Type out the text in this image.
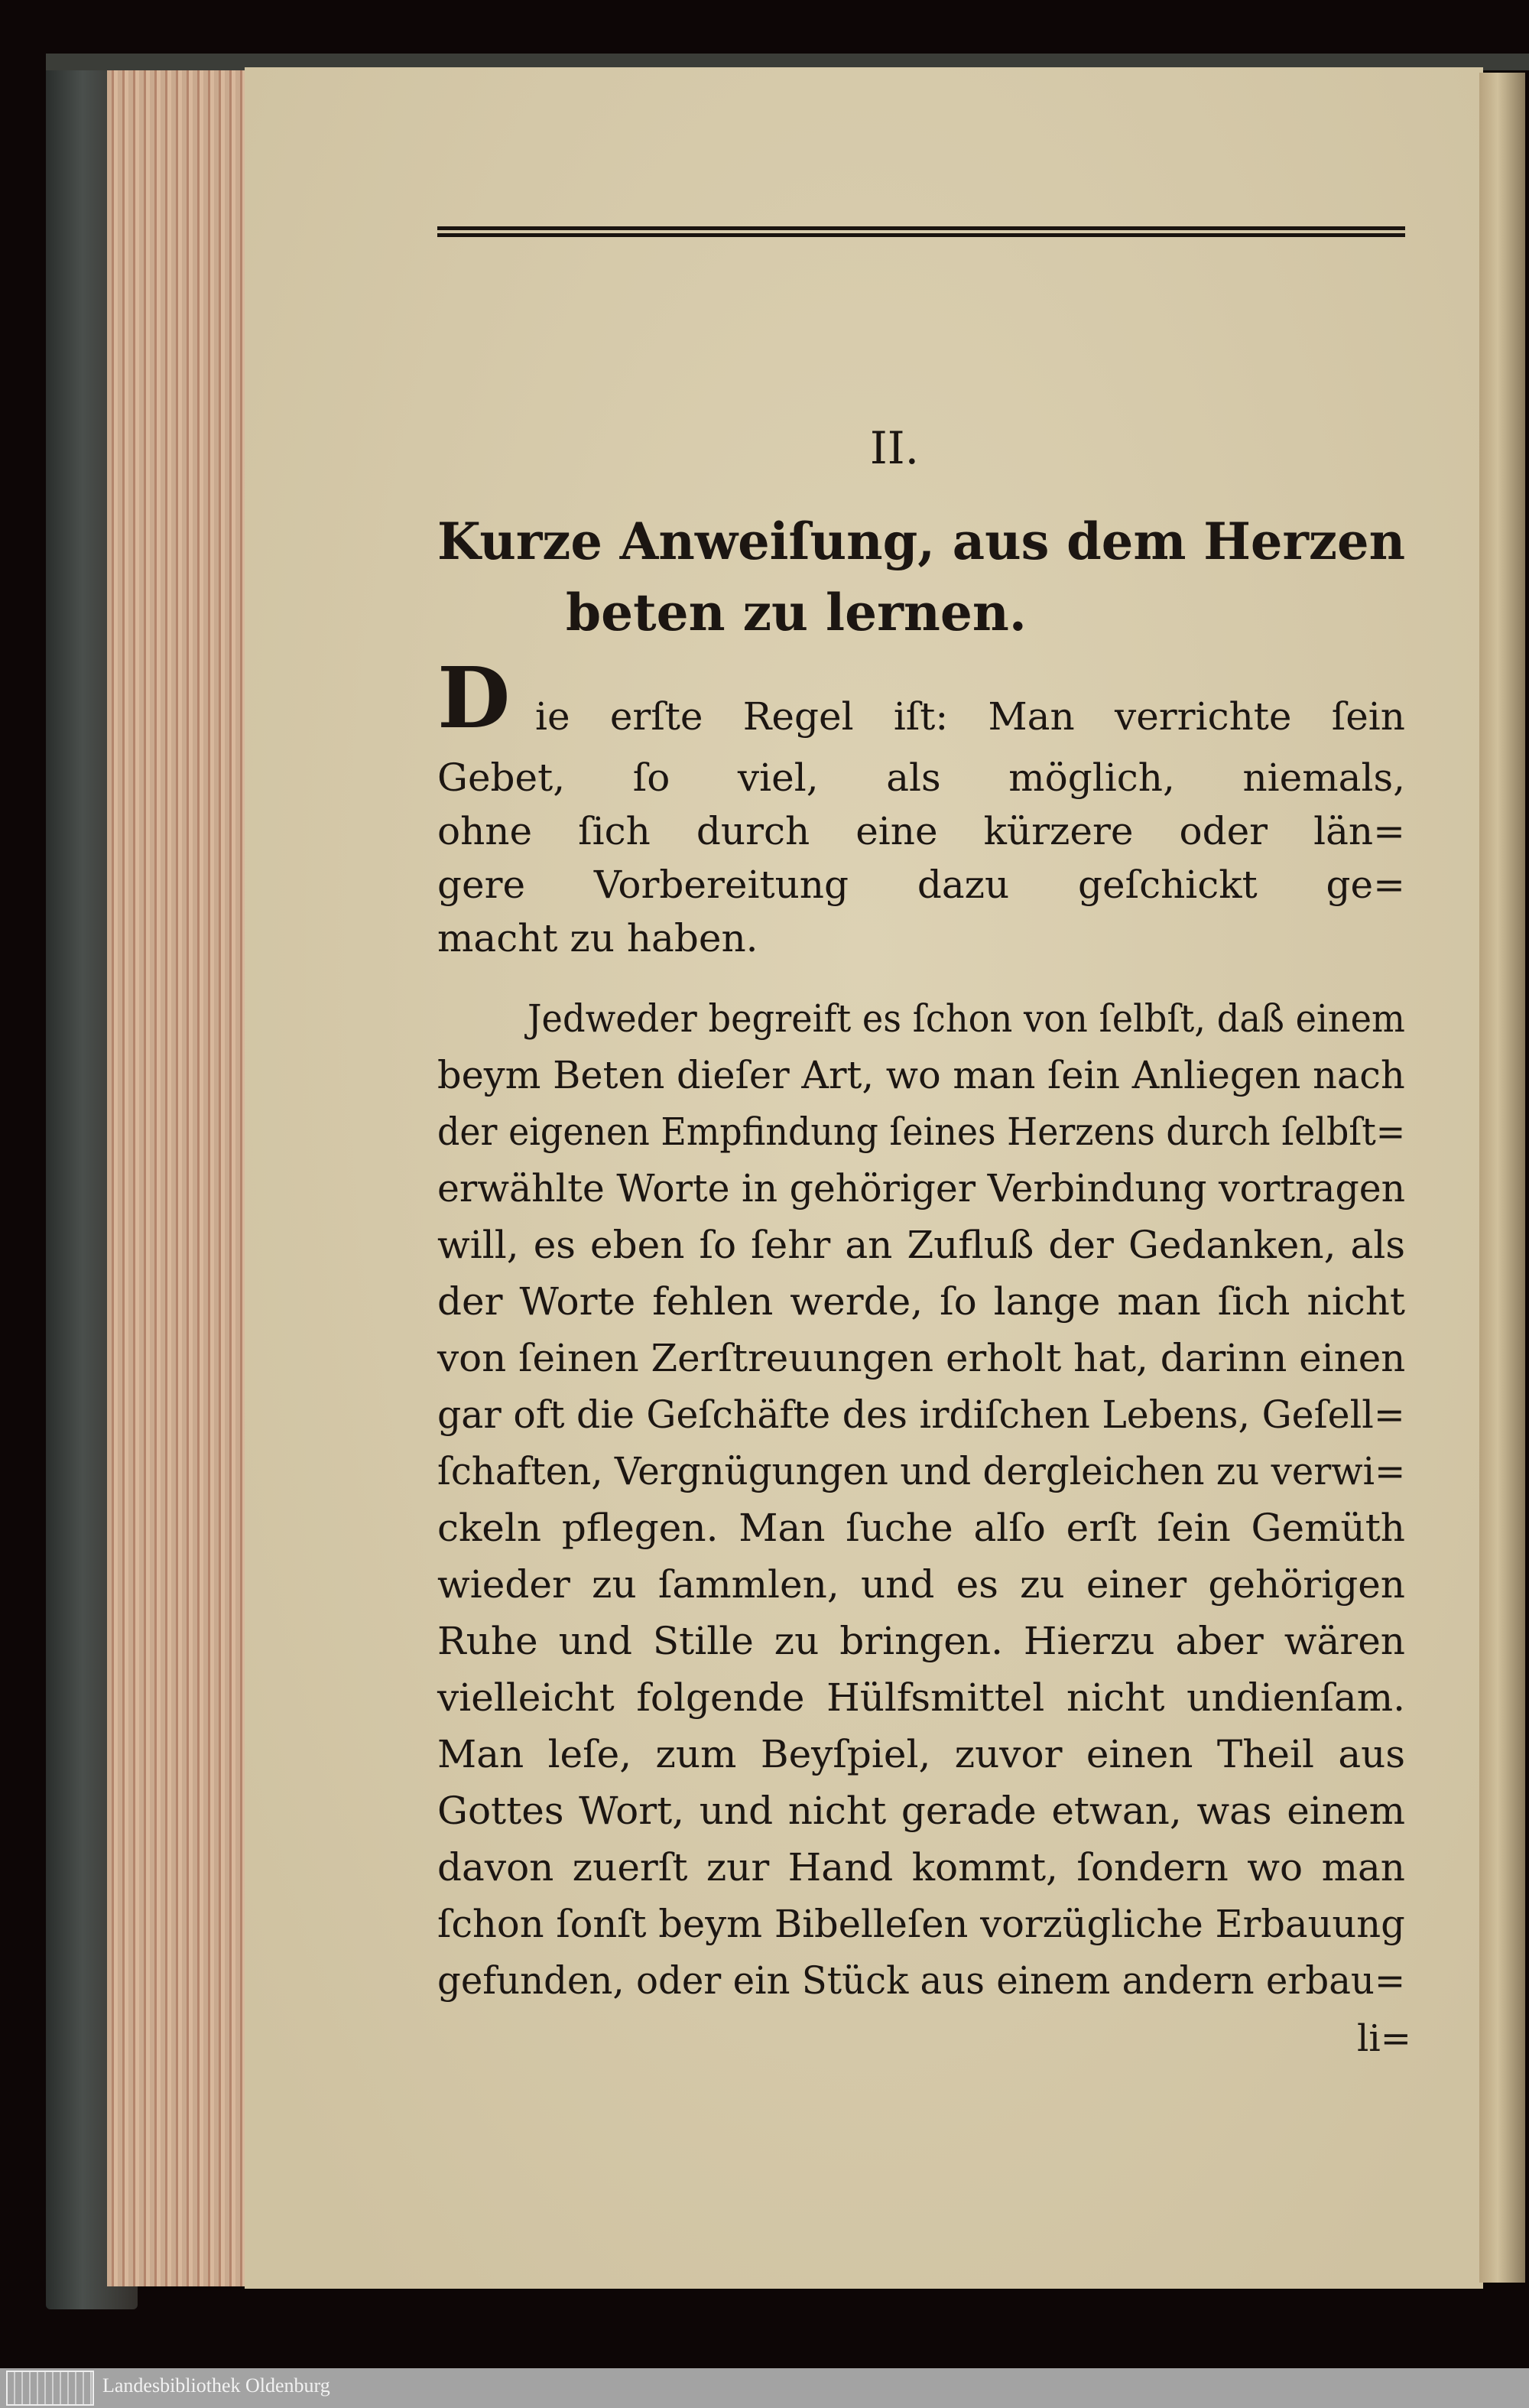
II.
Kurze Anweiſung, aus dem Herzen
beten zu lernen.
D ie erſte Regel iſt: Man verrichte ſein
Gebet, ſo viel, als möglich, niemals,
ohne ſich durch eine kürzere oder län=
gere Vorbereitung dazu geſchickt ge=
macht zu haben.
Jedweder begreift es ſchon von ſelbſt, daß einem
beym Beten dieſer Art, wo man ſein Anliegen nach
der eigenen Empfindung ſeines Herzens durch ſelbſt=
erwählte Worte in gehöriger Verbindung vortragen
will, es eben ſo ſehr an Zufluß der Gedanken, als
der Worte fehlen werde, ſo lange man ſich nicht
von ſeinen Zerſtreuungen erholt hat, darinn einen
gar oft die Geſchäfte des irdiſchen Lebens, Geſell=
ſchaften, Vergnügungen und dergleichen zu verwi=
ckeln pflegen. Man ſuche alſo erſt ſein Gemüth
wieder zu ſammlen, und es zu einer gehörigen
Ruhe und Stille zu bringen. Hierzu aber wären
vielleicht folgende Hülfsmittel nicht undienſam.
Man leſe, zum Beyſpiel, zuvor einen Theil aus
Gottes Wort, und nicht gerade etwan, was einem
davon zuerſt zur Hand kommt, ſondern wo man
ſchon ſonſt beym Bibelleſen vorzügliche Erbauung
gefunden, oder ein Stück aus einem andern erbau=
li=
Landesbibliothek Oldenburg
